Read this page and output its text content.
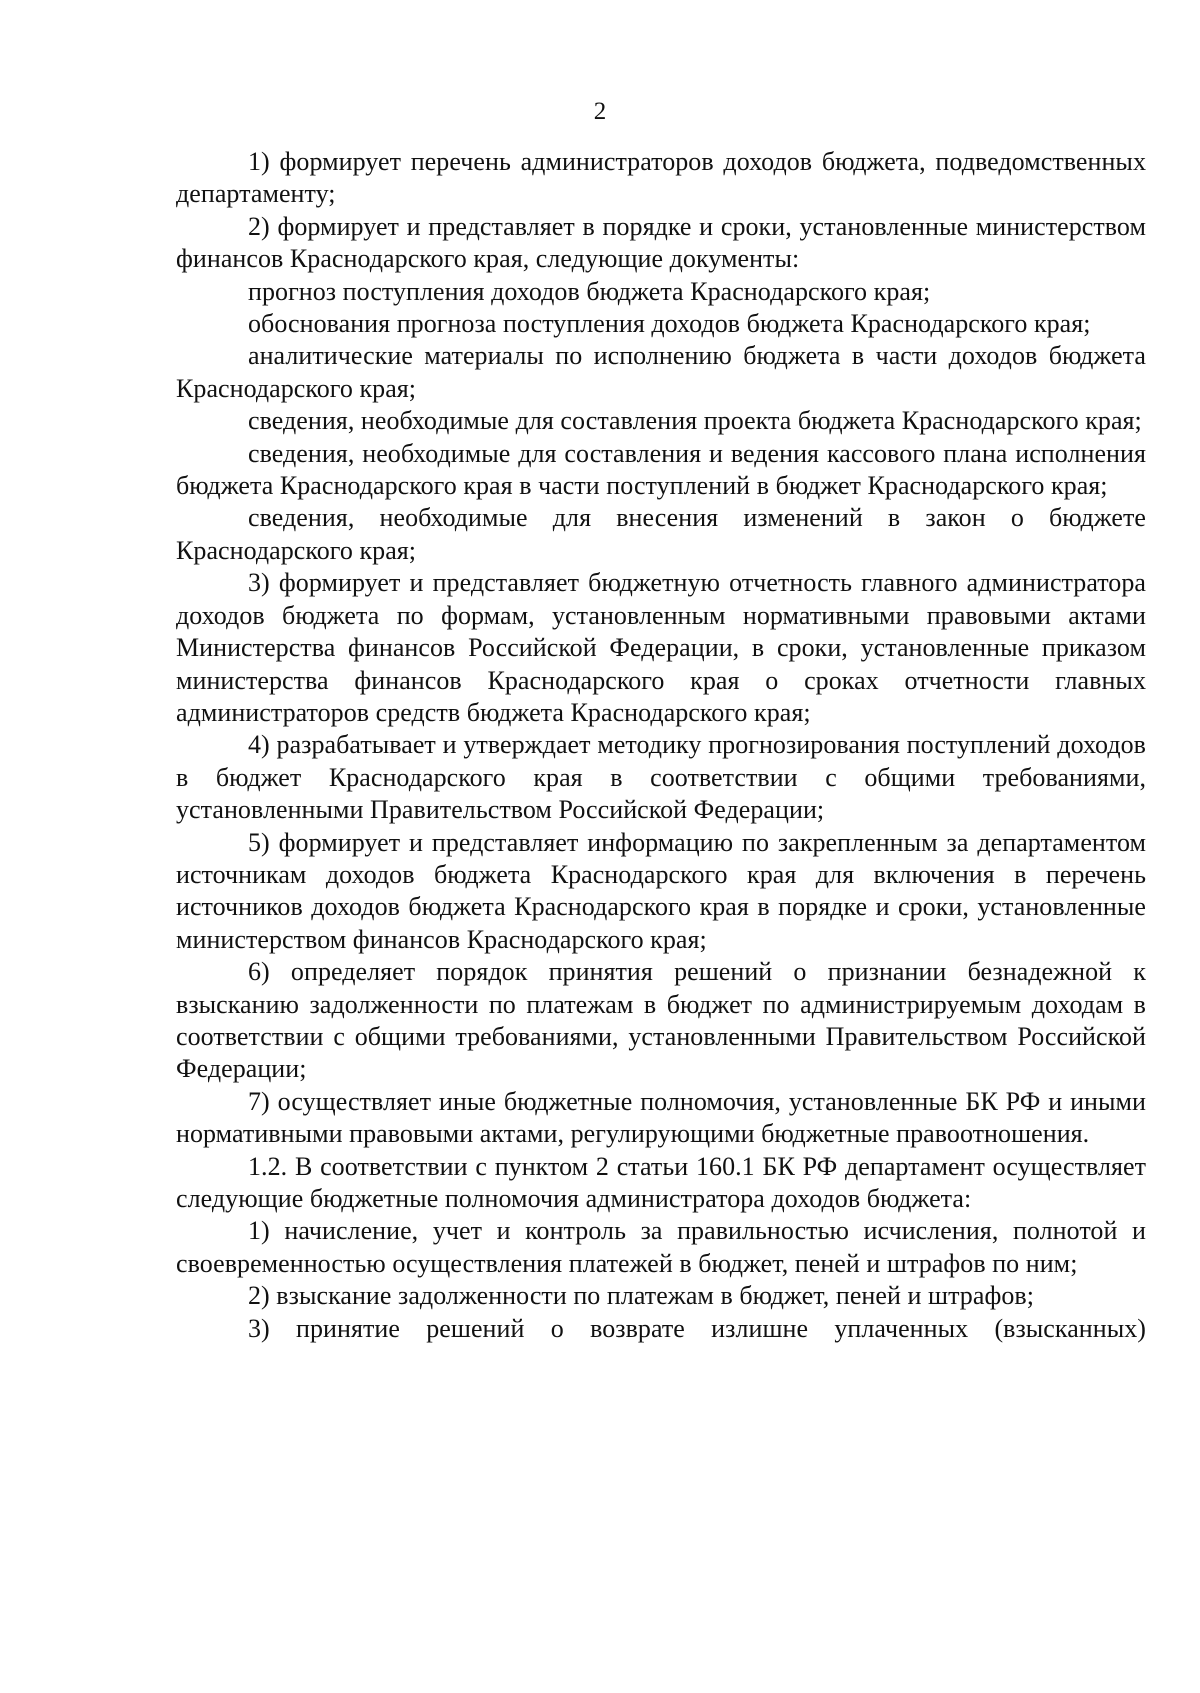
2

1) формирует перечень администраторов доходов бюджета, подведомственных департаменту;

2) формирует и представляет в порядке и сроки, установленные министерством финансов Краснодарского края, следующие документы:

прогноз поступления доходов бюджета Краснодарского края;

обоснования прогноза поступления доходов бюджета Краснодарского края;

аналитические материалы по исполнению бюджета в части доходов бюджета Краснодарского края;

сведения, необходимые для составления проекта бюджета Краснодарского края;

сведения, необходимые для составления и ведения кассового плана исполнения бюджета Краснодарского края в части поступлений в бюджет Краснодарского края;

сведения, необходимые для внесения изменений в закон о бюджете Краснодарского края;

3) формирует и представляет бюджетную отчетность главного администратора доходов бюджета по формам, установленным нормативными правовыми актами Министерства финансов Российской Федерации, в сроки, установленные приказом министерства финансов Краснодарского края о сроках отчетности главных администраторов средств бюджета Краснодарского края;

4) разрабатывает и утверждает методику прогнозирования поступлений доходов в бюджет Краснодарского края в соответствии с общими требованиями, установленными Правительством Российской Федерации;

5) формирует и представляет информацию по закрепленным за департаментом источникам доходов бюджета Краснодарского края для включения в перечень источников доходов бюджета Краснодарского края в порядке и сроки, установленные министерством финансов Краснодарского края;

6) определяет порядок принятия решений о признании безнадежной к взысканию задолженности по платежам в бюджет по администрируемым доходам в соответствии с общими требованиями, установленными Правительством Российской Федерации;

7) осуществляет иные бюджетные полномочия, установленные БК РФ и иными нормативными правовыми актами, регулирующими бюджетные правоотношения.

1.2. В соответствии с пунктом 2 статьи 160.1 БК РФ департамент осуществляет следующие бюджетные полномочия администратора доходов бюджета:

1) начисление, учет и контроль за правильностью исчисления, полнотой и своевременностью осуществления платежей в бюджет, пеней и штрафов по ним;

2) взыскание задолженности по платежам в бюджет, пеней и штрафов;

3) принятие решений о возврате излишне уплаченных (взысканных)
